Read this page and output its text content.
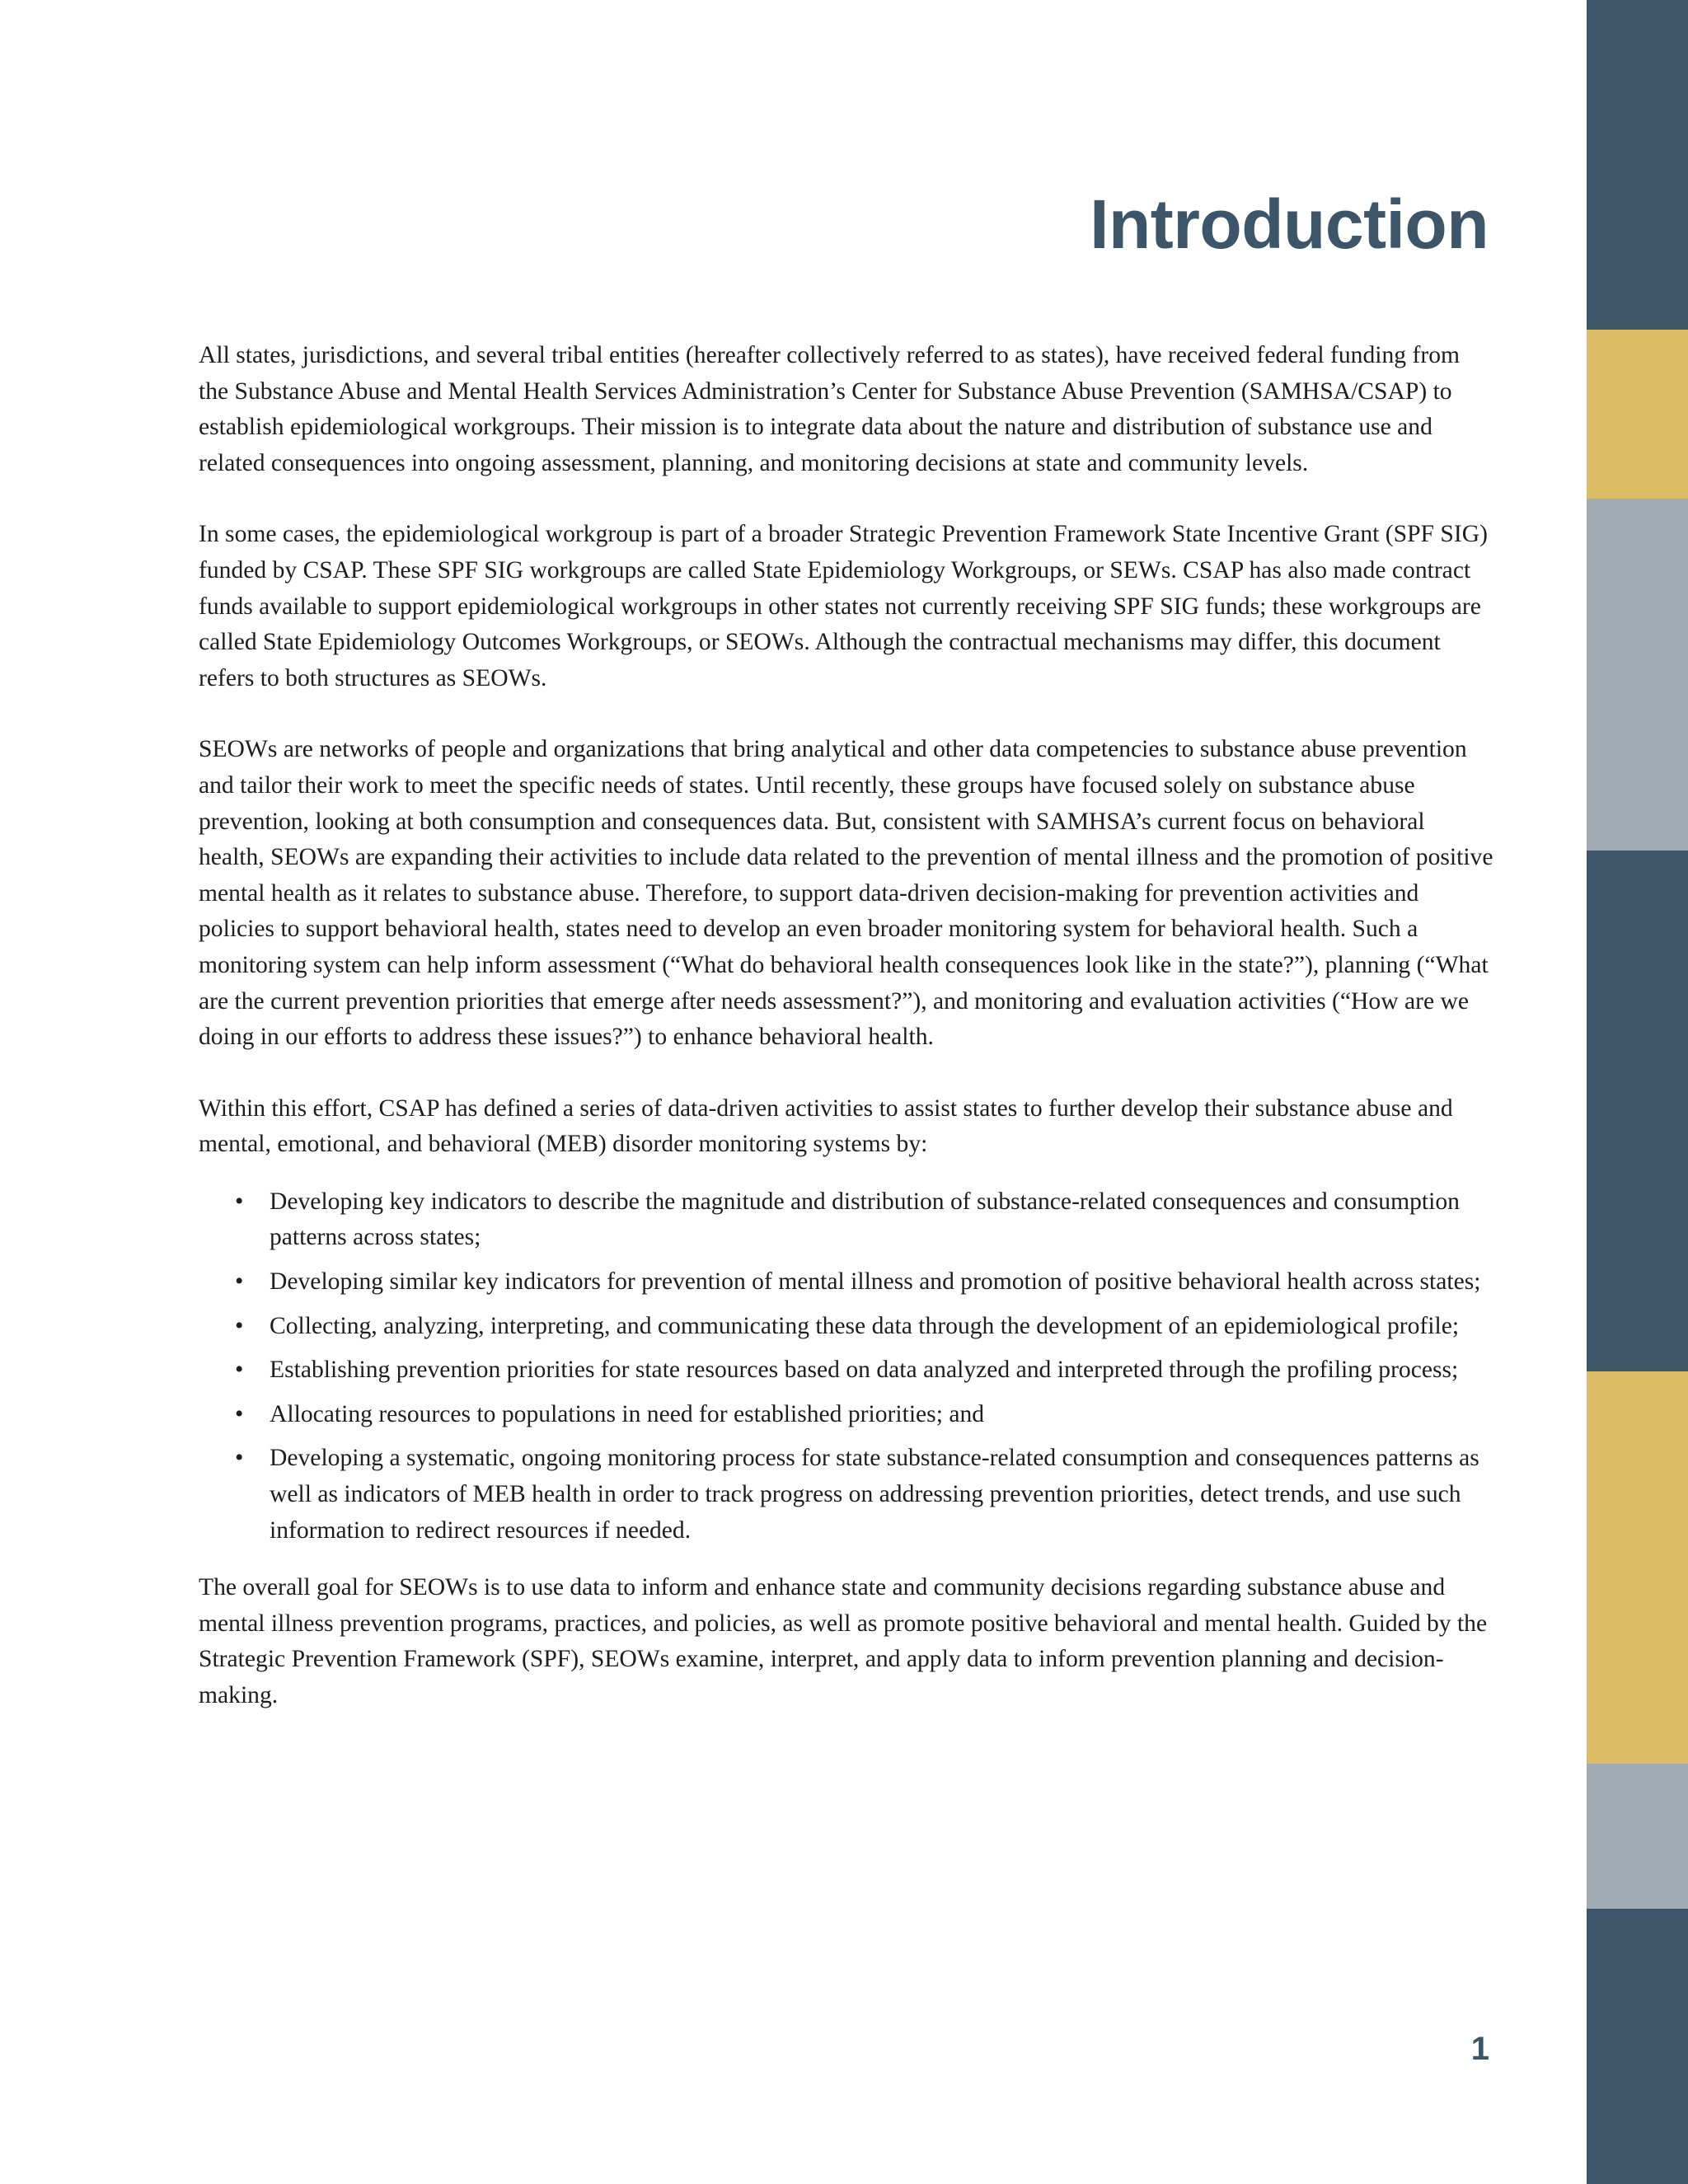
Introduction

All states, jurisdictions, and several tribal entities (hereafter collectively referred to as states), have received federal funding from the Substance Abuse and Mental Health Services Administration’s Center for Substance Abuse Prevention (SAMHSA/CSAP) to establish epidemiological workgroups. Their mission is to integrate data about the nature and distribution of substance use and related consequences into ongoing assessment, planning, and monitoring decisions at state and community levels.

In some cases, the epidemiological workgroup is part of a broader Strategic Prevention Framework State Incentive Grant (SPF SIG) funded by CSAP. These SPF SIG workgroups are called State Epidemiology Workgroups, or SEWs. CSAP has also made contract funds available to support epidemiological workgroups in other states not currently receiving SPF SIG funds; these workgroups are called State Epidemiology Outcomes Workgroups, or SEOWs. Although the contractual mechanisms may differ, this document refers to both structures as SEOWs.

SEOWs are networks of people and organizations that bring analytical and other data competencies to substance abuse prevention and tailor their work to meet the specific needs of states. Until recently, these groups have focused solely on substance abuse prevention, looking at both consumption and consequences data. But, consistent with SAMHSA’s current focus on behavioral health, SEOWs are expanding their activities to include data related to the prevention of mental illness and the promotion of positive mental health as it relates to substance abuse. Therefore, to support data-driven decision-making for prevention activities and policies to support behavioral health, states need to develop an even broader monitoring system for behavioral health. Such a monitoring system can help inform assessment (“What do behavioral health consequences look like in the state?”), planning (“What are the current prevention priorities that emerge after needs assessment?”), and monitoring and evaluation activities (“How are we doing in our efforts to address these issues?”) to enhance behavioral health.

Within this effort, CSAP has defined a series of data-driven activities to assist states to further develop their substance abuse and mental, emotional, and behavioral (MEB) disorder monitoring systems by:

• Developing key indicators to describe the magnitude and distribution of substance-related consequences and consumption patterns across states;
• Developing similar key indicators for prevention of mental illness and promotion of positive behavioral health across states;
• Collecting, analyzing, interpreting, and communicating these data through the development of an epidemiological profile;
• Establishing prevention priorities for state resources based on data analyzed and interpreted through the profiling process;
• Allocating resources to populations in need for established priorities; and
• Developing a systematic, ongoing monitoring process for state substance-related consumption and consequences patterns as well as indicators of MEB health in order to track progress on addressing prevention priorities, detect trends, and use such information to redirect resources if needed.

The overall goal for SEOWs is to use data to inform and enhance state and community decisions regarding substance abuse and mental illness prevention programs, practices, and policies, as well as promote positive behavioral and mental health. Guided by the Strategic Prevention Framework (SPF), SEOWs examine, interpret, and apply data to inform prevention planning and decision-making.

1
